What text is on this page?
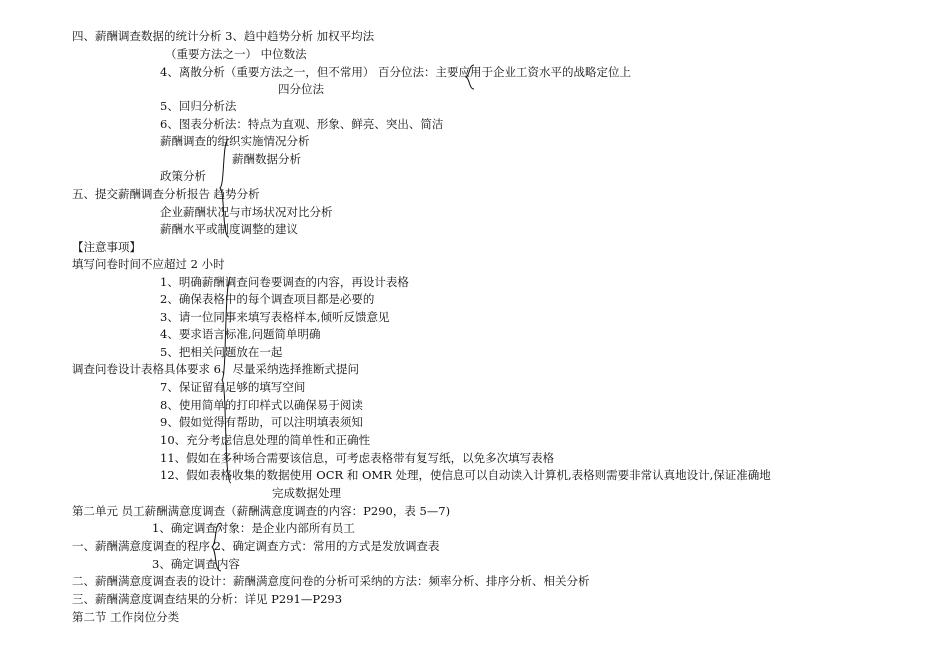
四、薪酬调查数据的统计分析 3、趋中趋势分析 加权平均法
（重要方法之一） 中位数法
4、离散分析（重要方法之一，但不常用） 百分位法：主要应用于企业工资水平的战略定位上
四分位法
5、回归分析法
6、图表分析法：特点为直观、形象、鲜亮、突出、简洁
薪酬调查的组织实施情况分析
薪酬数据分析
政策分析
五、提交薪酬调查分析报告 趋势分析
企业薪酬状况与市场状况对比分析
薪酬水平或制度调整的建议
【注意事项】
填写问卷时间不应超过 2 小时
1、明确薪酬调查问卷要调查的内容，再设计表格
2、确保表格中的每个调查项目都是必要的
3、请一位同事来填写表格样本,倾听反馈意见
4、要求语言标准,问题简单明确
5、把相关问题放在一起
调查问卷设计表格具体要求 6、尽量采纳选择推断式提问
7、保证留有足够的填写空间
8、使用简单的打印样式以确保易于阅读
9、假如觉得有帮助，可以注明填表须知
10、充分考虑信息处理的简单性和正确性
11、假如在多种场合需要该信息，可考虑表格带有复写纸，以免多次填写表格
12、假如表格收集的数据使用 OCR 和 OMR 处理，使信息可以自动读入计算机,表格则需要非常认真地设计,保证准确地
完成数据处理
第二单元 员工薪酬满意度调查（薪酬满意度调查的内容：P290，表 5—7)
1、确定调查对象：是企业内部所有员工
一、薪酬满意度调查的程序 2、确定调查方式：常用的方式是发放调查表
3、确定调查内容
二、薪酬满意度调查表的设计：薪酬满意度问卷的分析可采纳的方法：频率分析、排序分析、相关分析
三、薪酬满意度调查结果的分析：详见 P291—P293
第二节 工作岗位分类
